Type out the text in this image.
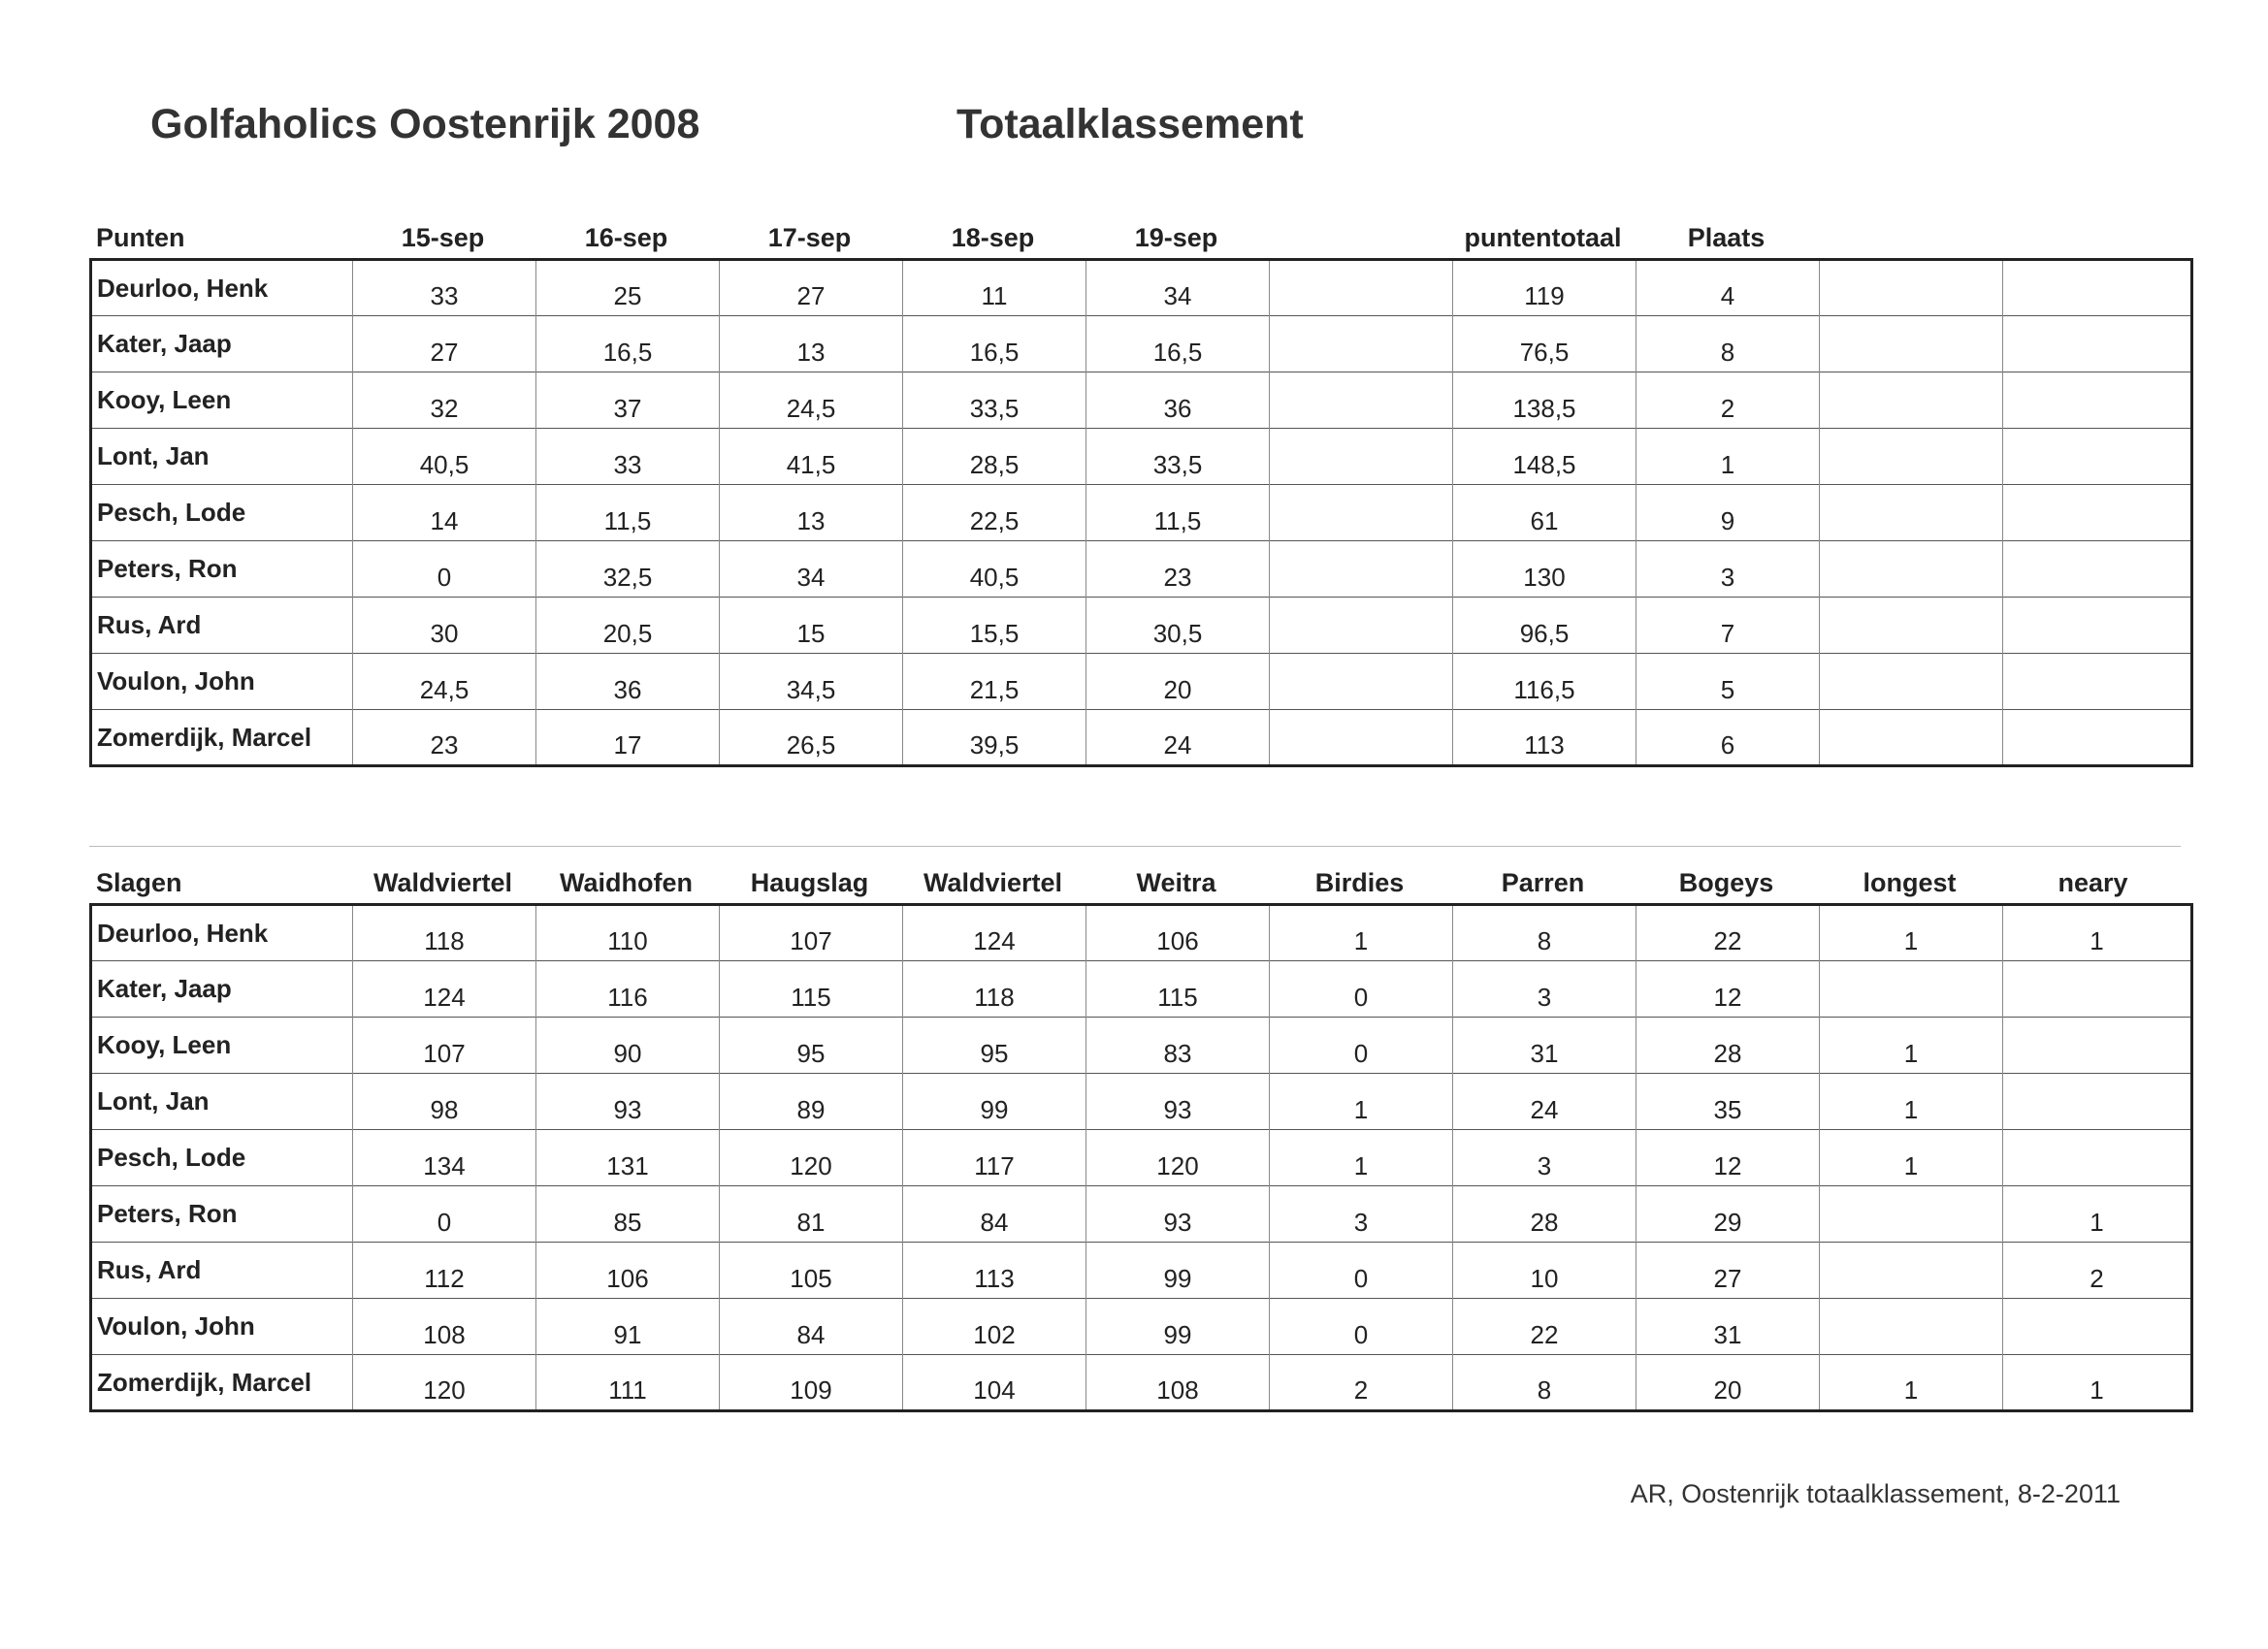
Golfaholics Oostenrijk 2008	Totaalklassement
Punten	15-sep	16-sep	17-sep	18-sep	19-sep	puntentotaal	Plaats
Deurloo, Henk	33	25	27	11	34		119	4		
Kater, Jaap	27	16,5	13	16,5	16,5		76,5	8		
Kooy, Leen	32	37	24,5	33,5	36		138,5	2		
Lont, Jan	40,5	33	41,5	28,5	33,5		148,5	1		
Pesch, Lode	14	11,5	13	22,5	11,5		61	9		
Peters, Ron	0	32,5	34	40,5	23		130	3		
Rus, Ard	30	20,5	15	15,5	30,5		96,5	7		
Voulon, John	24,5	36	34,5	21,5	20		116,5	5		
Zomerdijk, Marcel	23	17	26,5	39,5	24		113	6		
Slagen	Waldviertel	Waidhofen	Haugslag	Waldviertel	Weitra	Birdies	Parren	Bogeys	longest	neary
Deurloo, Henk	118	110	107	124	106	1	8	22	1	1
Kater, Jaap	124	116	115	118	115	0	3	12		
Kooy, Leen	107	90	95	95	83	0	31	28	1	
Lont, Jan	98	93	89	99	93	1	24	35	1	
Pesch, Lode	134	131	120	117	120	1	3	12	1	
Peters, Ron	0	85	81	84	93	3	28	29		1
Rus, Ard	112	106	105	113	99	0	10	27		2
Voulon, John	108	91	84	102	99	0	22	31		
Zomerdijk, Marcel	120	111	109	104	108	2	8	20	1	1
AR, Oostenrijk totaalklassement, 8-2-2011
